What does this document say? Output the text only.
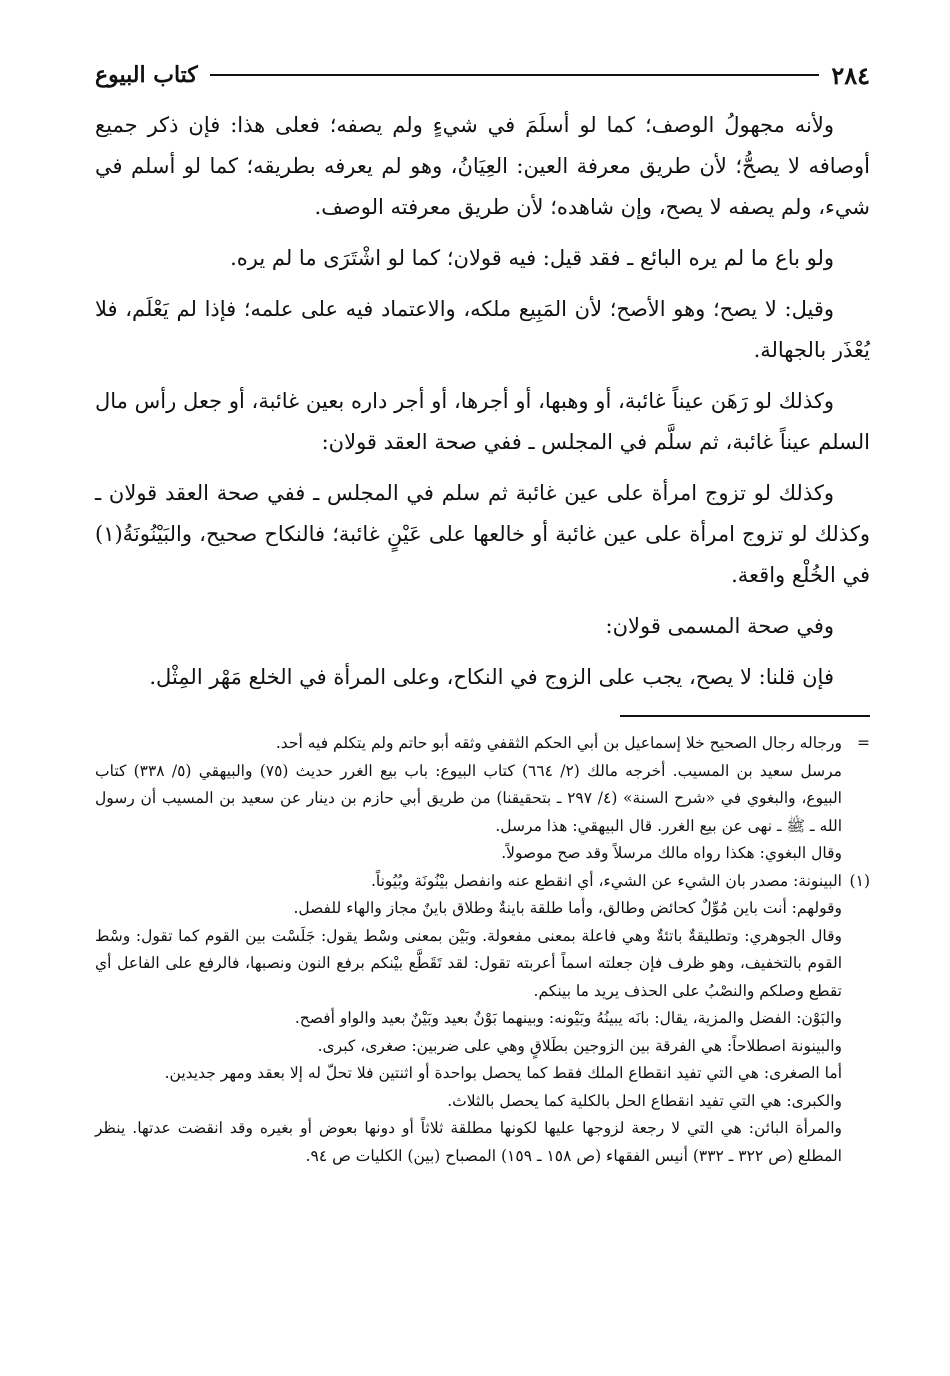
٢٨٤
كتاب البيوع

ولأنه مجهولُ الوصف؛ كما لو أسلَمَ في شيءٍ ولم يصفه؛ فعلى هذا: فإن ذكر جميع أوصافه لا يصحُّ؛ لأن طريق معرفة العين: العِيَانُ، وهو لم يعرفه بطريقه؛ كما لو أسلم في شيء، ولم يصفه لا يصح، وإن شاهده؛ لأن طريق معرفته الوصف.

ولو باع ما لم يره البائع ـ فقد قيل: فيه قولان؛ كما لو اشْتَرَى ما لم يره.

وقيل: لا يصح؛ وهو الأصح؛ لأن المَبِيع ملكه، والاعتماد فيه على علمه؛ فإذا لم يَعْلَم، فلا يُعْذَر بالجهالة.

وكذلك لو رَهَن عيناً غائبة، أو وهبها، أو أجرها، أو أجر داره بعين غائبة، أو جعل رأس مال السلم عيناً غائبة، ثم سلَّم في المجلس ـ ففي صحة العقد قولان:

وكذلك لو تزوج امرأة على عين غائبة ثم سلم في المجلس ـ ففي صحة العقد قولان ـ وكذلك لو تزوج امرأة على عين غائبة أو خالعها على عَيْنٍ غائبة؛ فالنكاح صحيح، والبَيْنُونَةُ(١) في الخُلْع واقعة.

وفي صحة المسمى قولان:

فإن قلنا: لا يصح، يجب على الزوج في النكاح، وعلى المرأة في الخلع مَهْر المِثْل.

=
ورجاله رجال الصحيح خلا إسماعيل بن أبي الحكم الثقفي وثقه أبو حاتم ولم يتكلم فيه أحد.

مرسل سعيد بن المسيب. أخرجه مالك (٢/ ٦٦٤) كتاب البيوع: باب بيع الغرر حديث (٧٥) والبيهقي (٥/ ٣٣٨) كتاب البيوع، والبغوي في «شرح السنة» (٤/ ٢٩٧ ـ بتحقيقنا) من طريق أبي حازم بن دينار عن سعيد بن المسيب أن رسول الله ـ ﷺ ـ نهى عن بيع الغرر. قال البيهقي: هذا مرسل.

وقال البغوي: هكذا رواه مالك مرسلاً وقد صح موصولاً.

(١)
البينونة: مصدر بان الشيء عن الشيء، أي انقطع عنه وانفصل بيْنُونَة وبُيُوناً.

وقولهم: أنت باين مُوِّلٌ كحائض وطالق، وأما طلقة باينةٌ وطلاق باينٌ مجاز والهاء للفصل.

وقال الجوهري: وتطليقةٌ باتئةٌ وهي فاعلة بمعنى مفعولة. وبَيْن بمعنى وسْط يقول: جَلَسْت بين القوم كما تقول: وسْط القوم بالتخفيف، وهو ظرف فإن جعلته اسماً أعربته تقول: لقد تَقَطَّع بيْنكم برفع النون ونصبها، فالرفع على الفاعل أي تقطع وصلكم والنصْبُ على الحذف يريد ما بينكم.

والبَوْن: الفضل والمزية، يقال: بانَه يبينُهُ وبَيْونه: وبينهما بَوْنٌ بعيد وبَيْنٌ بعيد والواو أفصح.

والبينونة اصطلاحاً: هي الفرقة بين الزوجين بطَلاقٍ وهي على ضربين: صغرى، كبرى.

أما الصغرى: هي التي تفيد انقطاع الملك فقط كما يحصل بواحدة أو اثنتين فلا تحلّ له إلا بعقد ومهر جديدين.

والكبرى: هي التي تفيد انقطاع الحل بالكلية كما يحصل بالثلاث.

والمرأة البائن: هي التي لا رجعة لزوجها عليها لكونها مطلقة ثلاثاً أو دونها بعوض أو بغيره وقد انقضت عدتها. ينظر المطلع (ص ٣٢٢ ـ ٣٣٢) أنيس الفقهاء (ص ١٥٨ ـ ١٥٩) المصباح (بين) الكليات ص ٩٤.
